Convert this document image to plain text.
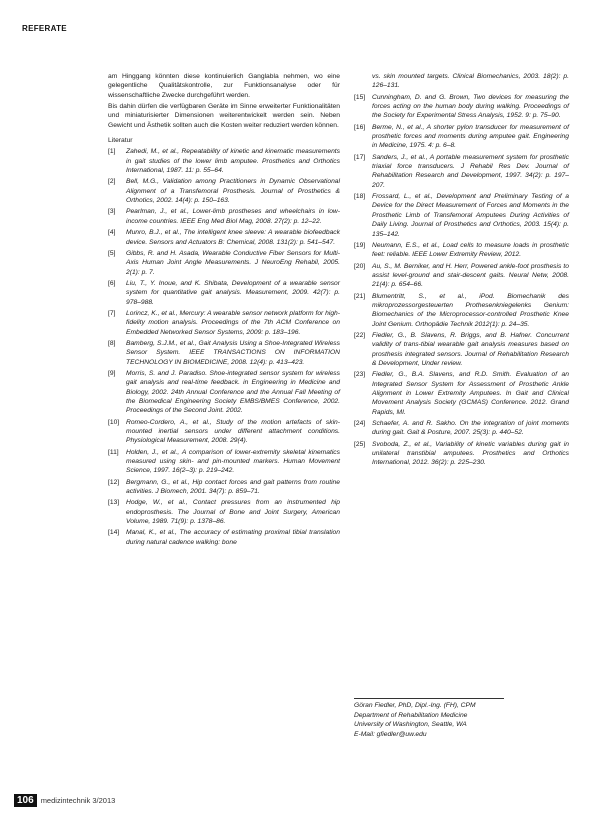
REFERATE

am Hinggang könnten diese kontinuierlich Ganglabla nehmen, wo eine gelegentliche Qualitätskontrolle, zur Funktionsanalyse oder für wissenschaftliche Zwecke durchgeführt werden.

Bis dahin dürfen die verfügbaren Geräte im Sinne erweiterter Funktionalitäten und miniaturisierter Dimensionen weiterentwickelt werden sein. Neben Gewicht und Ästhetik sollten auch die Kosten weiter reduziert werden können.

Literatur
[1]	Zahedi, M., et al., Repeatability of kinetic and kinematic measurements in gait studies of the lower limb amputee. Prosthetics and Orthotics International, 1987. 11: p. 55–64.
[2]	Bell, M.G., Validation among Practitioners in Dynamic Observational Alignment of a Transfemoral Prosthesis. Journal of Prosthetics & Orthotics, 2002. 14(4): p. 150–163.
[3]	Pearlman, J., et al., Lower-limb prostheses and wheelchairs in low-income countries. IEEE Eng Med Biol Mag, 2008. 27(2): p. 12–22.
[4]	Munro, B.J., et al., The intelligent knee sleeve: A wearable biofeedback device. Sensors and Actuators B: Chemical, 2008. 131(2): p. 541–547.
[5]	Gibbs, R. and H. Asada, Wearable Conductive Fiber Sensors for Multi-Axis Human Joint Angle Measurements. J NeuroEng Rehabil, 2005. 2(1): p. 7.
[6]	Liu, T., Y. Inoue, and K. Shibata, Development of a wearable sensor system for quantitative gait analysis. Measurement, 2009. 42(7): p. 978–988.
[7]	Lorincz, K., et al., Mercury: A wearable sensor network platform for high-fidelity motion analysis. Proceedings of the 7th ACM Conference on Embedded Networked Sensor Systems, 2009: p. 183–196.
[8]	Bamberg, S.J.M., et al., Gait Analysis Using a Shoe-Integrated Wireless Sensor System. IEEE TRANSACTIONS ON INFORMATION TECHNOLOGY IN BIOMEDICINE, 2008. 12(4): p. 413–423.
[9]	Morris, S. and J. Paradiso. Shoe-integrated sensor system for wireless gait analysis and real-time feedback. in Engineering in Medicine and Biology, 2002. 24th Annual Conference and the Annual Fall Meeting of the Biomedical Engineering Society EMBS/BMES Conference, 2002. Proceedings of the Second Joint. 2002.
[10]	Romeo-Cordero, A., et al., Study of the motion artefacts of skin-mounted inertial sensors under different attachment conditions. Physiological Measurement, 2008. 29(4).
[11]	Holden, J., et al., A comparison of lower-extremity skeletal kinematics measured using skin- and pin-mounted markers. Human Movement Science, 1997. 16(2–3): p. 219–242.
[12]	Bergmann, G., et al., Hip contact forces and gait patterns from routine activities. J Biomech, 2001. 34(7): p. 859–71.
[13]	Hodge, W., et al., Contact pressures from an instrumented hip endoprosthesis. The Journal of Bone and Joint Surgery, American Volume, 1989. 71(9): p. 1378–86.
[14]	Manal, K., et al., The accuracy of estimating proximal tibial translation during natural cadence walking: bone
vs. skin mounted targets. Clinical Biomechanics, 2003. 18(2): p. 126–131.
[15]	Cunningham, D. and G. Brown, Two devices for measuring the forces acting on the human body during walking. Proceedings of the Society for Experimental Stress Analysis, 1952. 9: p. 75–90.
[16]	Berme, N., et al., A shorter pylon transducer for measurement of prosthetic forces and moments during amputee gait. Engineering in Medicine, 1975. 4: p. 6–8.
[17]	Sanders, J., et al., A portable measurement system for prosthetic triaxial force transducers. J Rehabil Res Dev. Journal of Rehabilitation Research and Development, 1997. 34(2): p. 197–207.
[18]	Frossard, L., et al., Development and Preliminary Testing of a Device for the Direct Measurement of Forces and Moments in the Prosthetic Limb of Transfemoral Amputees During Activities of Daily Living. Journal of Prosthetics and Orthotics, 2003. 15(4): p. 135–142.
[19]	Neumann, E.S., et al., Load cells to measure loads in prosthetic feet: reliable. IEEE Lower Extremity Review, 2012.
[20]	Au, S., M. Berniker, and H. Herr, Powered ankle-foot prosthesis to assist level-ground and stair-descent gaits. Neural Netw, 2008. 21(4): p. 654–66.
[21]	Blumentritt, S., et al., iPod. Biomechanik des mikroprozessorgesteuerten Prothesenkniegelenks Genium: Biomechanics of the Microprocessor-controlled Prosthetic Knee Joint Genium. Orthopädie Technik 2012(1): p. 24–35.
[22]	Fiedler, G., B. Slavens, R. Briggs, and B. Hafner. Concurrent validity of trans-tibial wearable gait analysis measures based on prosthesis integrated sensors. Journal of Rehabilitation Research & Development, Under review.
[23]	Fiedler, G., B.A. Slavens, and R.D. Smith. Evaluation of an Integrated Sensor System for Assessment of Prosthetic Ankle Alignment in Lower Extremity Amputees. In Gait and Clinical Movement Analysis Society (GCMAS) Conference. 2012. Grand Rapids, MI.
[24]	Schaefer, A. and R. Sakho. On the integration of joint moments during gait. Gait & Posture, 2007. 25(3): p. 440–52.
[25]	Svoboda, Z., et al., Variability of kinetic variables during gait in unilateral transtibial amputees. Prosthetics and Orthotics International, 2012. 36(2): p. 225–230.
Göran Fiedler, PhD, Dipl.-Ing. (FH), CPM
Department of Rehabilitation Medicine
University of Washington, Seattle, WA
E-Mail: gfiedler@uw.edu
106 medizintechnik 3/2013
